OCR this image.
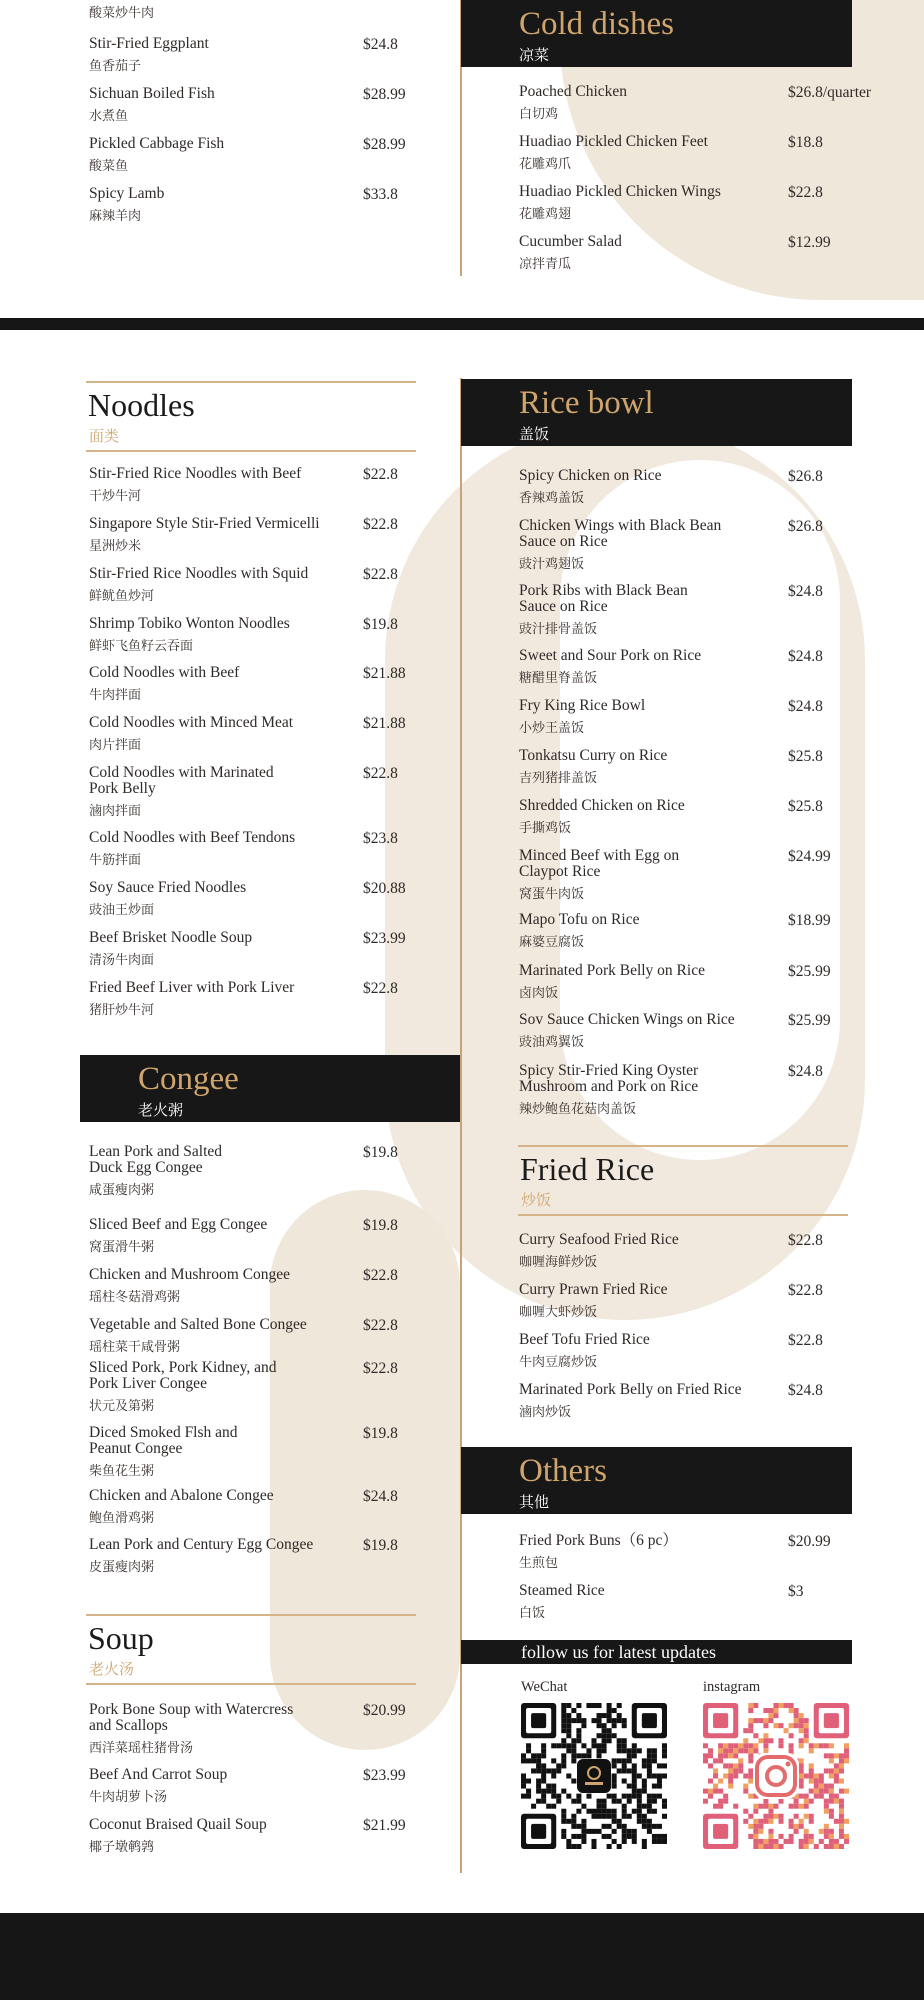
酸菜炒牛肉
Stir-Fried Eggplant
鱼香茄子
$24.8
Sichuan Boiled Fish
水煮鱼
$28.99
Pickled Cabbage Fish
酸菜鱼
$28.99
Spicy Lamb
麻辣羊肉
$33.8
Cold dishes
凉菜
Poached Chicken
白切鸡
$26.8/quarter
Huadiao Pickled Chicken Feet
花雕鸡爪
$18.8
Huadiao Pickled Chicken Wings
花雕鸡翅
$22.8
Cucumber Salad
凉拌青瓜
$12.99
Noodles
面类
Stir-Fried Rice Noodles with Beef
干炒牛河
$22.8
Singapore Style Stir-Fried Vermicelli
星洲炒米
$22.8
Stir-Fried Rice Noodles with Squid
鲜鱿鱼炒河
$22.8
Shrimp Tobiko Wonton Noodles
鲜虾飞鱼籽云吞面
$19.8
Cold Noodles with Beef
牛肉拌面
$21.88
Cold Noodles with Minced Meat
肉片拌面
$21.88
Cold Noodles with Marinated
Pork Belly
滷肉拌面
$22.8
Cold Noodles with Beef Tendons
牛筋拌面
$23.8
Soy Sauce Fried Noodles
豉油王炒面
$20.88
Beef Brisket Noodle Soup
清汤牛肉面
$23.99
Fried Beef Liver with Pork Liver
猪肝炒牛河
$22.8
Congee
老火粥
Lean Pork and Salted
Duck Egg Congee
咸蛋瘦肉粥
$19.8
Sliced Beef and Egg Congee
窝蛋滑牛粥
$19.8
Chicken and Mushroom Congee
瑶柱冬菇滑鸡粥
$22.8
Vegetable and Salted Bone Congee
瑶柱菜干咸骨粥
$22.8
Sliced Pork, Pork Kidney, and
Pork Liver Congee
状元及第粥
$22.8
Diced Smoked Flsh and
Peanut Congee
柴鱼花生粥
$19.8
Chicken and Abalone Congee
鲍鱼滑鸡粥
$24.8
Lean Pork and Century Egg Congee
皮蛋瘦肉粥
$19.8
Soup
老火汤
Pork Bone Soup with Watercress
and Scallops
西洋菜瑶柱猪骨汤
$20.99
Beef And Carrot Soup
牛肉胡萝卜汤
$23.99
Coconut Braised Quail Soup
椰子墩鹌鹑
$21.99
Rice bowl
盖饭
Spicy Chicken on Rice
香辣鸡盖饭
$26.8
Chicken Wings with Black Bean
Sauce on Rice
豉汁鸡翅饭
$26.8
Pork Ribs with Black Bean
Sauce on Rice
豉汁排骨盖饭
$24.8
Sweet and Sour Pork on Rice
糖醋里脊盖饭
$24.8
Fry King Rice Bowl
小炒王盖饭
$24.8
Tonkatsu Curry on Rice
吉列猪排盖饭
$25.8
Shredded Chicken on Rice
手撕鸡饭
$25.8
Minced Beef with Egg on
Claypot Rice
窝蛋牛肉饭
$24.99
Mapo Tofu on Rice
麻婆豆腐饭
$18.99
Marinated Pork Belly on Rice
卤肉饭
$25.99
Sov Sauce Chicken Wings on Rice
豉油鸡翼饭
$25.99
Spicy Stir-Fried King Oyster
Mushroom and Pork on Rice
辣炒鲍鱼花菇肉盖饭
$24.8
Fried Rice
炒饭
Curry Seafood Fried Rice
咖喱海鲜炒饭
$22.8
Curry Prawn Fried Rice
咖喱大虾炒饭
$22.8
Beef Tofu Fried Rice
牛肉豆腐炒饭
$22.8
Marinated Pork Belly on Fried Rice
滷肉炒饭
$24.8
Others
其他
Fried Pork Buns（6 pc）
生煎包
$20.99
Steamed Rice
白饭
$3
follow us for latest updates
WeChat	instagram
